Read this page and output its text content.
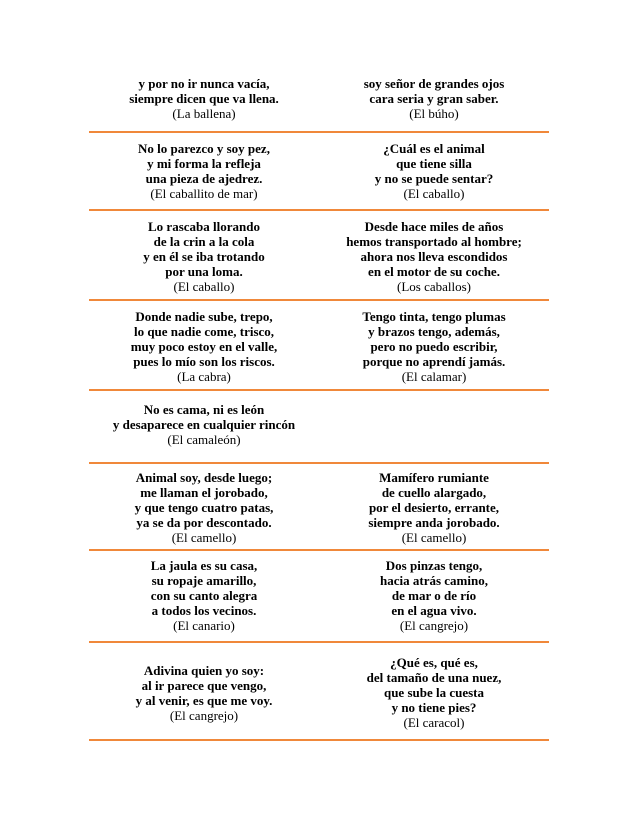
y por no ir nunca vacía,
siempre dicen que va llena.
(La ballena)
soy señor de grandes ojos
cara seria y gran saber.
(El búho)
No lo parezco y soy pez,
y mi forma la refleja
una pieza de ajedrez.
(El caballito de mar)
¿Cuál es el animal
que tiene silla
y no se puede sentar?
(El caballo)
Lo rascaba llorando
de la crin a la cola
y en él se iba trotando
por una loma.
(El caballo)
Desde hace miles de años
hemos transportado al hombre;
ahora nos lleva escondidos
en el motor de su coche.
(Los caballos)
Donde nadie sube, trepo,
lo que nadie come, trisco,
muy poco estoy en el valle,
pues lo mío son los riscos.
(La cabra)
Tengo tinta, tengo plumas
y brazos tengo, además,
pero no puedo escribir,
porque no aprendí jamás.
(El calamar)
No es cama, ni es león
y desaparece en cualquier rincón
(El camaleón)
Animal soy, desde luego;
me llaman el jorobado,
y que tengo cuatro patas,
ya se da por descontado.
(El camello)
Mamífero rumiante
de cuello alargado,
por el desierto, errante,
siempre anda jorobado.
(El camello)
La jaula es su casa,
su ropaje amarillo,
con su canto alegra
a todos los vecinos.
(El canario)
Dos pinzas tengo,
hacia atrás camino,
de mar o de río
en el agua vivo.
(El cangrejo)
Adivina quien yo soy:
al ir parece que vengo,
y al venir, es que me voy.
(El cangrejo)
¿Qué es, qué es,
del tamaño de una nuez,
que sube la cuesta
y no tiene pies?
(El caracol)
